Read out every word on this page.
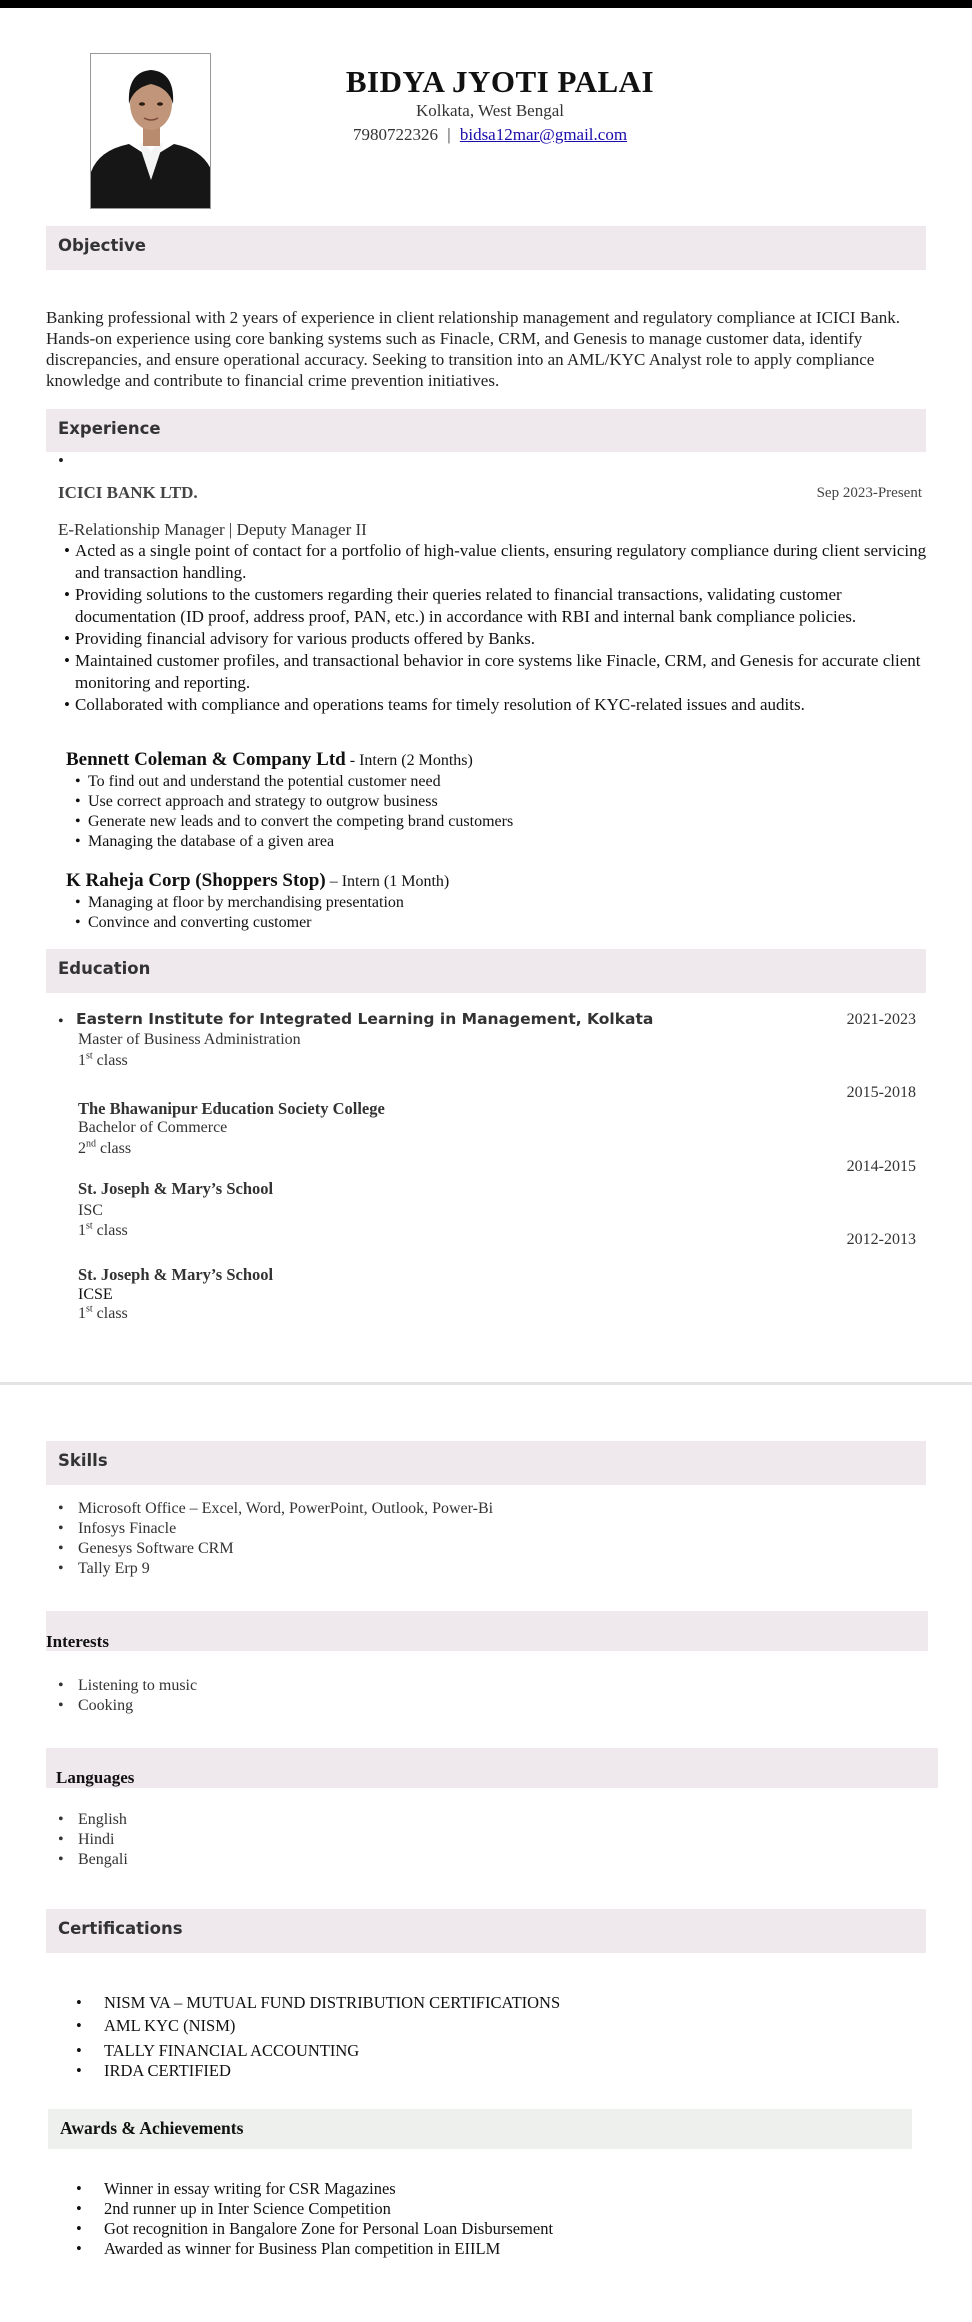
BIDYA JYOTI PALAI
Kolkata, West Bengal
7980722326 | bidsa12mar@gmail.com
Objective
Banking professional with 2 years of experience in client relationship management and regulatory compliance at ICICI Bank. Hands-on experience using core banking systems such as Finacle, CRM, and Genesis to manage customer data, identify discrepancies, and ensure operational accuracy. Seeking to transition into an AML/KYC Analyst role to apply compliance knowledge and contribute to financial crime prevention initiatives.
Experience
•
ICICI BANK LTD.	Sep 2023-Present
E-Relationship Manager | Deputy Manager II
• Acted as a single point of contact for a portfolio of high-value clients, ensuring regulatory compliance during client servicing and transaction handling.
• Providing solutions to the customers regarding their queries related to financial transactions, validating customer documentation (ID proof, address proof, PAN, etc.) in accordance with RBI and internal bank compliance policies.
• Providing financial advisory for various products offered by Banks.
• Maintained customer profiles, and transactional behavior in core systems like Finacle, CRM, and Genesis for accurate client monitoring and reporting.
• Collaborated with compliance and operations teams for timely resolution of KYC-related issues and audits.
Bennett Coleman & Company Ltd - Intern (2 Months)
• To find out and understand the potential customer need
• Use correct approach and strategy to outgrow business
• Generate new leads and to convert the competing brand customers
• Managing the database of a given area
K Raheja Corp (Shoppers Stop) – Intern (1 Month)
• Managing at floor by merchandising presentation
• Convince and converting customer
Education
• Eastern Institute for Integrated Learning in Management, Kolkata	2021-2023
Master of Business Administration
1st class
2015-2018
The Bhawanipur Education Society College
Bachelor of Commerce
2nd class
2014-2015
St. Joseph & Mary’s School
ISC
1st class
2012-2013
St. Joseph & Mary’s School
ICSE
1st class
Skills
• Microsoft Office – Excel, Word, PowerPoint, Outlook, Power-Bi
• Infosys Finacle
• Genesys Software CRM
• Tally Erp 9
Interests
• Listening to music
• Cooking
Languages
• English
• Hindi
• Bengali
Certifications
• NISM VA – MUTUAL FUND DISTRIBUTION CERTIFICATIONS
• AML KYC (NISM)
• TALLY FINANCIAL ACCOUNTING
• IRDA CERTIFIED
Awards & Achievements
• Winner in essay writing for CSR Magazines
• 2nd runner up in Inter Science Competition
• Got recognition in Bangalore Zone for Personal Loan Disbursement
• Awarded as winner for Business Plan competition in EIILM
